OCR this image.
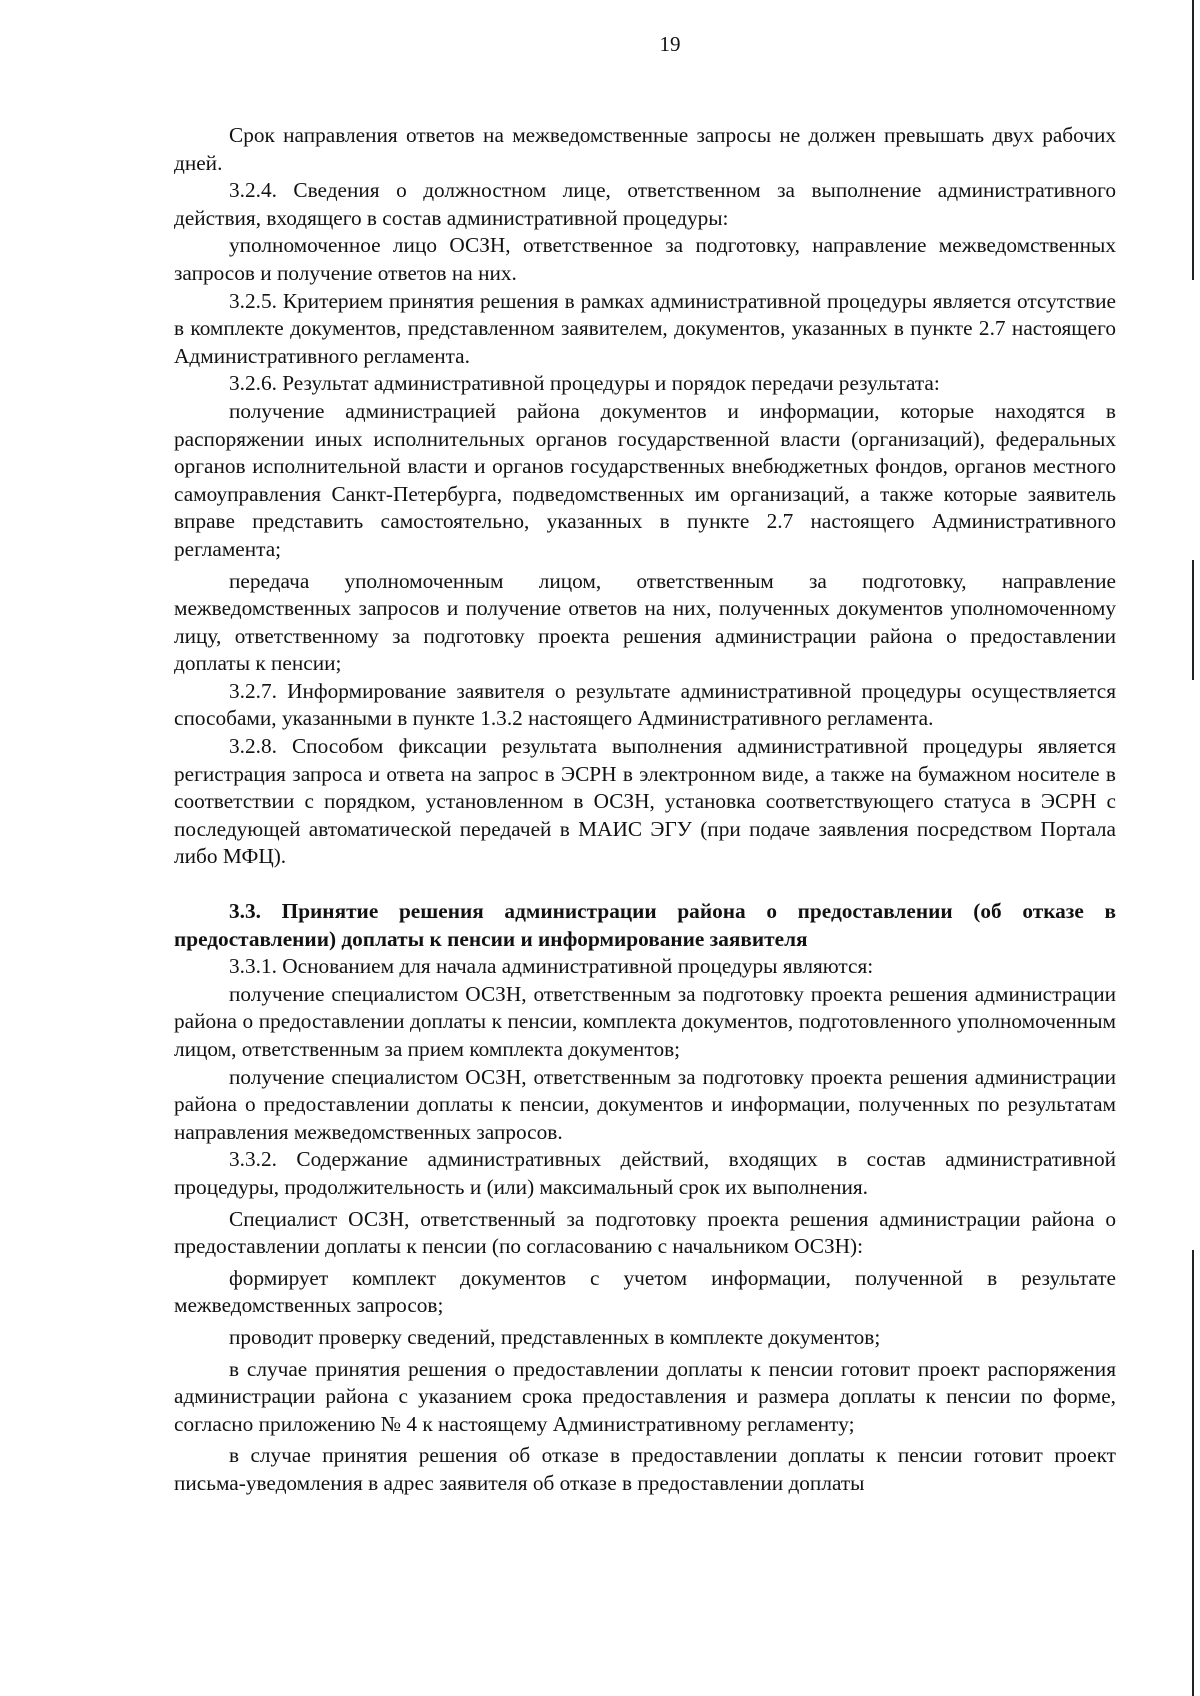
19

Срок направления ответов на межведомственные запросы не должен превышать двух рабочих дней.

3.2.4. Сведения о должностном лице, ответственном за выполнение административного действия, входящего в состав административной процедуры:

уполномоченное лицо ОСЗН, ответственное за подготовку, направление межведомственных запросов и получение ответов на них.

3.2.5. Критерием принятия решения в рамках административной процедуры является отсутствие в комплекте документов, представленном заявителем, документов, указанных в пункте 2.7 настоящего Административного регламента.

3.2.6. Результат административной процедуры и порядок передачи результата:

получение администрацией района документов и информации, которые находятся в распоряжении иных исполнительных органов государственной власти (организаций), федеральных органов исполнительной власти и органов государственных внебюджетных фондов, органов местного самоуправления Санкт-Петербурга, подведомственных им организаций, а также которые заявитель вправе представить самостоятельно, указанных в пункте 2.7 настоящего Административного регламента;

передача уполномоченным лицом, ответственным за подготовку, направление межведомственных запросов и получение ответов на них, полученных документов уполномоченному лицу, ответственному за подготовку проекта решения администрации района о предоставлении доплаты к пенсии;

3.2.7. Информирование заявителя о результате административной процедуры осуществляется способами, указанными в пункте 1.3.2 настоящего Административного регламента.

3.2.8. Способом фиксации результата выполнения административной процедуры является регистрация запроса и ответа на запрос в ЭСРН в электронном виде, а также на бумажном носителе в соответствии с порядком, установленном в ОСЗН, установка соответствующего статуса в ЭСРН с последующей автоматической передачей в МАИС ЭГУ (при подаче заявления посредством Портала либо МФЦ).

3.3. Принятие решения администрации района о предоставлении (об отказе в предоставлении) доплаты к пенсии и информирование заявителя

3.3.1. Основанием для начала административной процедуры являются:

получение специалистом ОСЗН, ответственным за подготовку проекта решения администрации района о предоставлении доплаты к пенсии, комплекта документов, подготовленного уполномоченным лицом, ответственным за прием комплекта документов;

получение специалистом ОСЗН, ответственным за подготовку проекта решения администрации района о предоставлении доплаты к пенсии, документов и информации, полученных по результатам направления межведомственных запросов.

3.3.2. Содержание административных действий, входящих в состав административной процедуры, продолжительность и (или) максимальный срок их выполнения.

Специалист ОСЗН, ответственный за подготовку проекта решения администрации района о предоставлении доплаты к пенсии (по согласованию с начальником ОСЗН):

формирует комплект документов с учетом информации, полученной в результате межведомственных запросов;

проводит проверку сведений, представленных в комплекте документов;

в случае принятия решения о предоставлении доплаты к пенсии готовит проект распоряжения администрации района с указанием срока предоставления и размера доплаты к пенсии по форме, согласно приложению № 4 к настоящему Административному регламенту;

в случае принятия решения об отказе в предоставлении доплаты к пенсии готовит проект письма-уведомления в адрес заявителя об отказе в предоставлении доплаты
